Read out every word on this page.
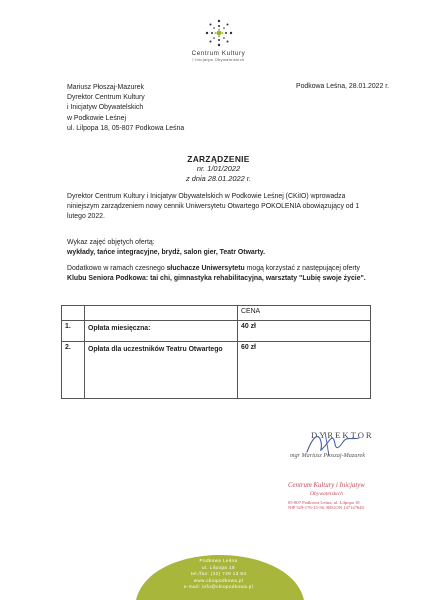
Centrum Kultury
i Inicjatyw Obywatelskich
Mariusz Płoszaj-Mazurek
Dyrektor Centrum Kultury
i Inicjatyw Obywatelskich
w Podkowie Leśnej
ul. Lilpopa 18, 05-807 Podkowa Leśna
Podkowa Leśna, 28.01.2022 r.
ZARZĄDZENIE
nr. 1/01/2022
z dnia 28.01.2022 r.
Dyrektor Centrum Kultury i Inicjatyw Obywatelskich w Podkowie Leśnej (CKiIO) wprowadza niniejszym zarządzeniem nowy cennik Uniwersytetu Otwartego POKOLENIA obowiązujący od 1 lutego 2022.
Wykaz zajęć objętych ofertą:
wykłady, tańce integracyjne, brydż, salon gier, Teatr Otwarty.
Dodatkowo w ramach czesnego słuchacze Uniwersytetu mogą korzystać z następującej oferty Klubu Seniora Podkowa: tai chi, gimnastyka rehabilitacyjna, warsztaty "Lubię swoje życie".
		CENA
1.	Opłata miesięczna:	40 zł
2.	Opłata dla uczestników Teatru Otwartego	60 zł
DYREKTOR
mgr Mariusz Płoszaj-Mazurek
Centrum Kultury i Inicjatyw
Obywatelskich
05-807 Podkowa Leśna, ul. Lilpopa 18
NIP 529-176-15-56, REGON 147147640
Podkowa Leśna
ul. Lilpopa 18
tel./fax: (22) 729 13 84
www.ckiopodkowa.pl
e-mail: info@ckiopodkowa.pl
